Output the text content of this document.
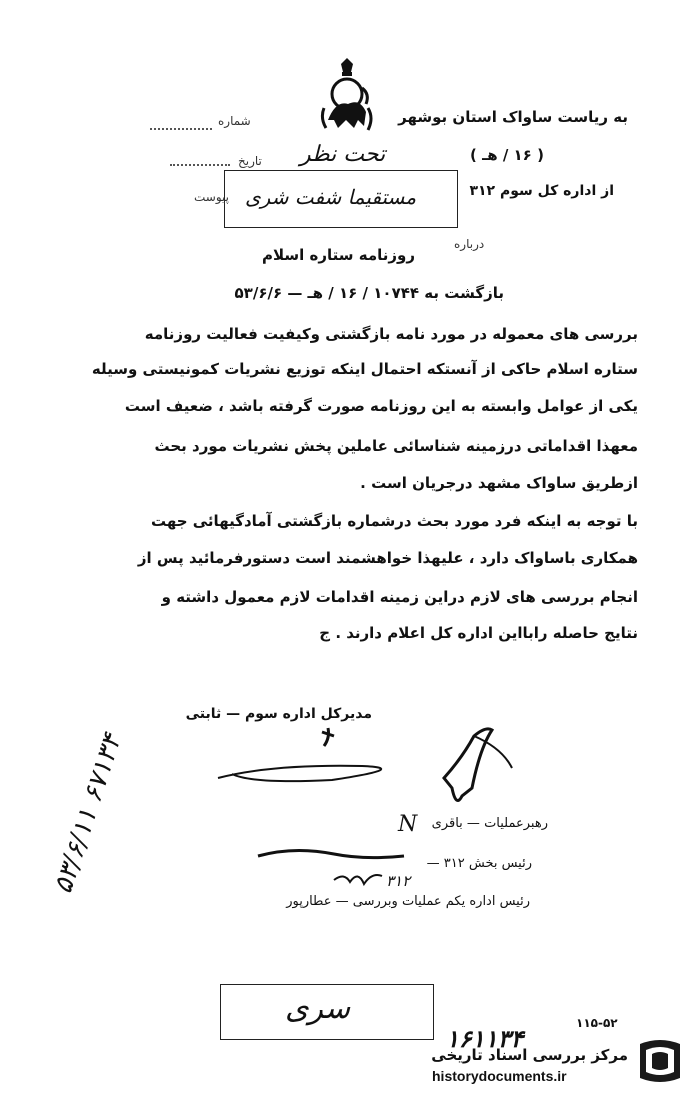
به ریاست ساواک استان بوشهر
شماره
( ۱۶ / هـ )
تحت نظر
تاریخ
از اداره کل سوم ۳۱۲
مستقیما شفت شری
پیوست
درباره
روزنامه ستاره اسلام
بازگشت به ۱۰۷۴۴ / ۱۶ / هـ — ۵۳/۶/۶
بررسی های معموله در مورد نامه بازگشتی وکیفیت فعالیت روزنامه
ستاره اسلام حاکی از آنستکه احتمال اینکه توزیع نشریات کمونیستی وسیله
یکی از عوامل وابسته به این روزنامه صورت گرفته باشد ، ضعیف است
معهذا اقداماتی درزمینه شناسائی عاملین پخش نشریات مورد بحث
ازطریق ساواک مشهد درجریان است .
با توجه به اینکه فرد مورد بحث درشماره بازگشتی آمادگیهائی جهت
همکاری باساواک دارد ، علیهذا خواهشمند است دستورفرمائید پس از
انجام بررسی های لازم دراین زمینه اقدامات لازم معمول داشته و
نتایج حاصله رابااین اداره کل اعلام دارند . ج
مدیرکل اداره سوم — ثابتی
رهبرعملیات — باقری
N
رئیس بخش ۳۱۲ —
۳۱۲
رئیس اداره یکم عملیات وبررسی — عطارپور
۵۳/۶/۱۱ ۶۷۱۳۴
سری	۱۱۵-۵۲
۱۶۱۱۳۴
مرکز بررسی اسناد تاریخی
historydocuments.ir
